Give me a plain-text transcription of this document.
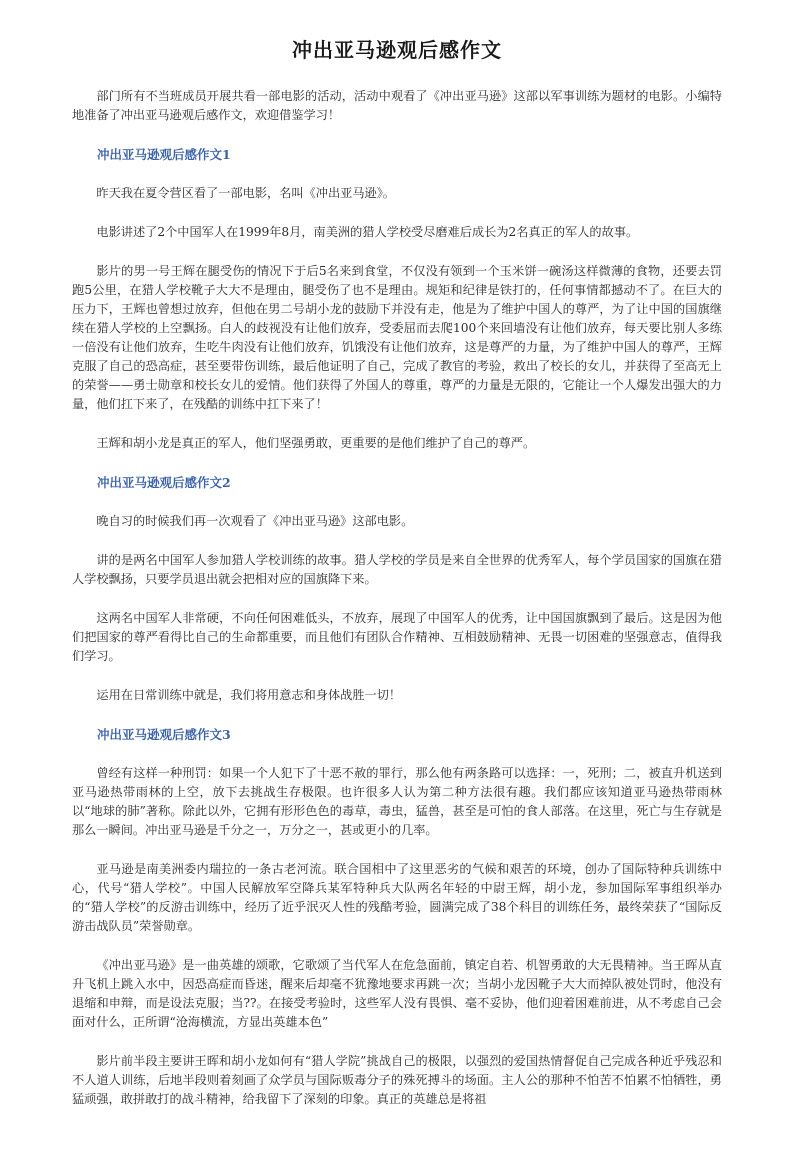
冲出亚马逊观后感作文
部门所有不当班成员开展共看一部电影的活动，活动中观看了《冲出亚马逊》这部以军事训练为题材的电影。小编特地准备了冲出亚马逊观后感作文，欢迎借鉴学习！
冲出亚马逊观后感作文1
昨天我在夏令营区看了一部电影，名叫《冲出亚马逊》。
电影讲述了2个中国军人在1999年8月，南美洲的猎人学校受尽磨难后成长为2名真正的军人的故事。
影片的男一号王辉在腿受伤的情况下于后5名来到食堂，不仅没有领到一个玉米饼一碗汤这样微薄的食物，还要去罚跑5公里，在猎人学校靴子大大不是理由，腿受伤了也不是理由。规矩和纪律是铁打的，任何事情都撼动不了。在巨大的压力下，王辉也曾想过放弃，但他在男二号胡小龙的鼓励下并没有走，他是为了维护中国人的尊严，为了让中国的国旗继续在猎人学校的上空飘扬。白人的歧视没有让他们放弃，受委屈而去爬100个来回墙没有让他们放弃，每天要比别人多练一倍没有让他们放弃，生吃牛肉没有让他们放弃，饥饿没有让他们放弃，这是尊严的力量，为了维护中国人的尊严，王辉克服了自己的恐高症，甚至要带伤训练，最后他证明了自己，完成了教官的考验，救出了校长的女儿，并获得了至高无上的荣誉——勇士勋章和校长女儿的爱情。他们获得了外国人的尊重，尊严的力量是无限的，它能让一个人爆发出强大的力量，他们扛下来了，在残酷的训练中扛下来了！
王辉和胡小龙是真正的军人，他们坚强勇敢，更重要的是他们维护了自己的尊严。
冲出亚马逊观后感作文2
晚自习的时候我们再一次观看了《冲出亚马逊》这部电影。
讲的是两名中国军人参加猎人学校训练的故事。猎人学校的学员是来自全世界的优秀军人，每个学员国家的国旗在猎人学校飘扬，只要学员退出就会把相对应的国旗降下来。
这两名中国军人非常硬，不向任何困难低头，不放弃，展现了中国军人的优秀，让中国国旗飘到了最后。这是因为他们把国家的尊严看得比自己的生命都重要，而且他们有团队合作精神、互相鼓励精神、无畏一切困难的坚强意志，值得我们学习。
运用在日常训练中就是，我们将用意志和身体战胜一切！
冲出亚马逊观后感作文3
曾经有这样一种刑罚：如果一个人犯下了十恶不赦的罪行，那么他有两条路可以选择：一，死刑；二，被直升机送到亚马逊热带雨林的上空，放下去挑战生存极限。也许很多人认为第二种方法很有趣。我们都应该知道亚马逊热带雨林以“地球的肺”著称。除此以外，它拥有形形色色的毒草，毒虫，猛兽，甚至是可怕的食人部落。在这里，死亡与生存就是那么一瞬间。冲出亚马逊是千分之一，万分之一，甚或更小的几率。
亚马逊是南美洲委内瑞拉的一条古老河流。联合国相中了这里恶劣的气候和艰苦的环境，创办了国际特种兵训练中心，代号“猎人学校”。中国人民解放军空降兵某军特种兵大队两名年轻的中尉王辉，胡小龙，参加国际军事组织举办的“猎人学校”的反游击训练中，经历了近乎泯灭人性的残酷考验，圆满完成了38个科目的训练任务，最终荣获了“国际反游击战队员”荣誉勋章。
《冲出亚马逊》是一曲英雄的颂歌，它歌颂了当代军人在危急面前，镇定自若、机智勇敢的大无畏精神。当王晖从直升飞机上跳入水中，因恐高症而昏迷，醒来后却毫不犹豫地要求再跳一次；当胡小龙因靴子大大而掉队被处罚时，他没有退缩和申辩，而是设法克服；当??。在接受考验时，这些军人没有畏惧、毫不妥协，他们迎着困难前进，从不考虑自己会面对什么，正所谓“沧海横流，方显出英雄本色”
影片前半段主要讲王晖和胡小龙如何有“猎人学院”挑战自己的极限，以强烈的爱国热情督促自己完成各种近乎残忍和不人道人训练，后地半段则着刻画了众学员与国际贩毒分子的殊死搏斗的场面。主人公的那种不怕苦不怕累不怕牺牲，勇猛顽强，敢拼敢打的战斗精神，给我留下了深刻的印象。真正的英雄总是将祖
